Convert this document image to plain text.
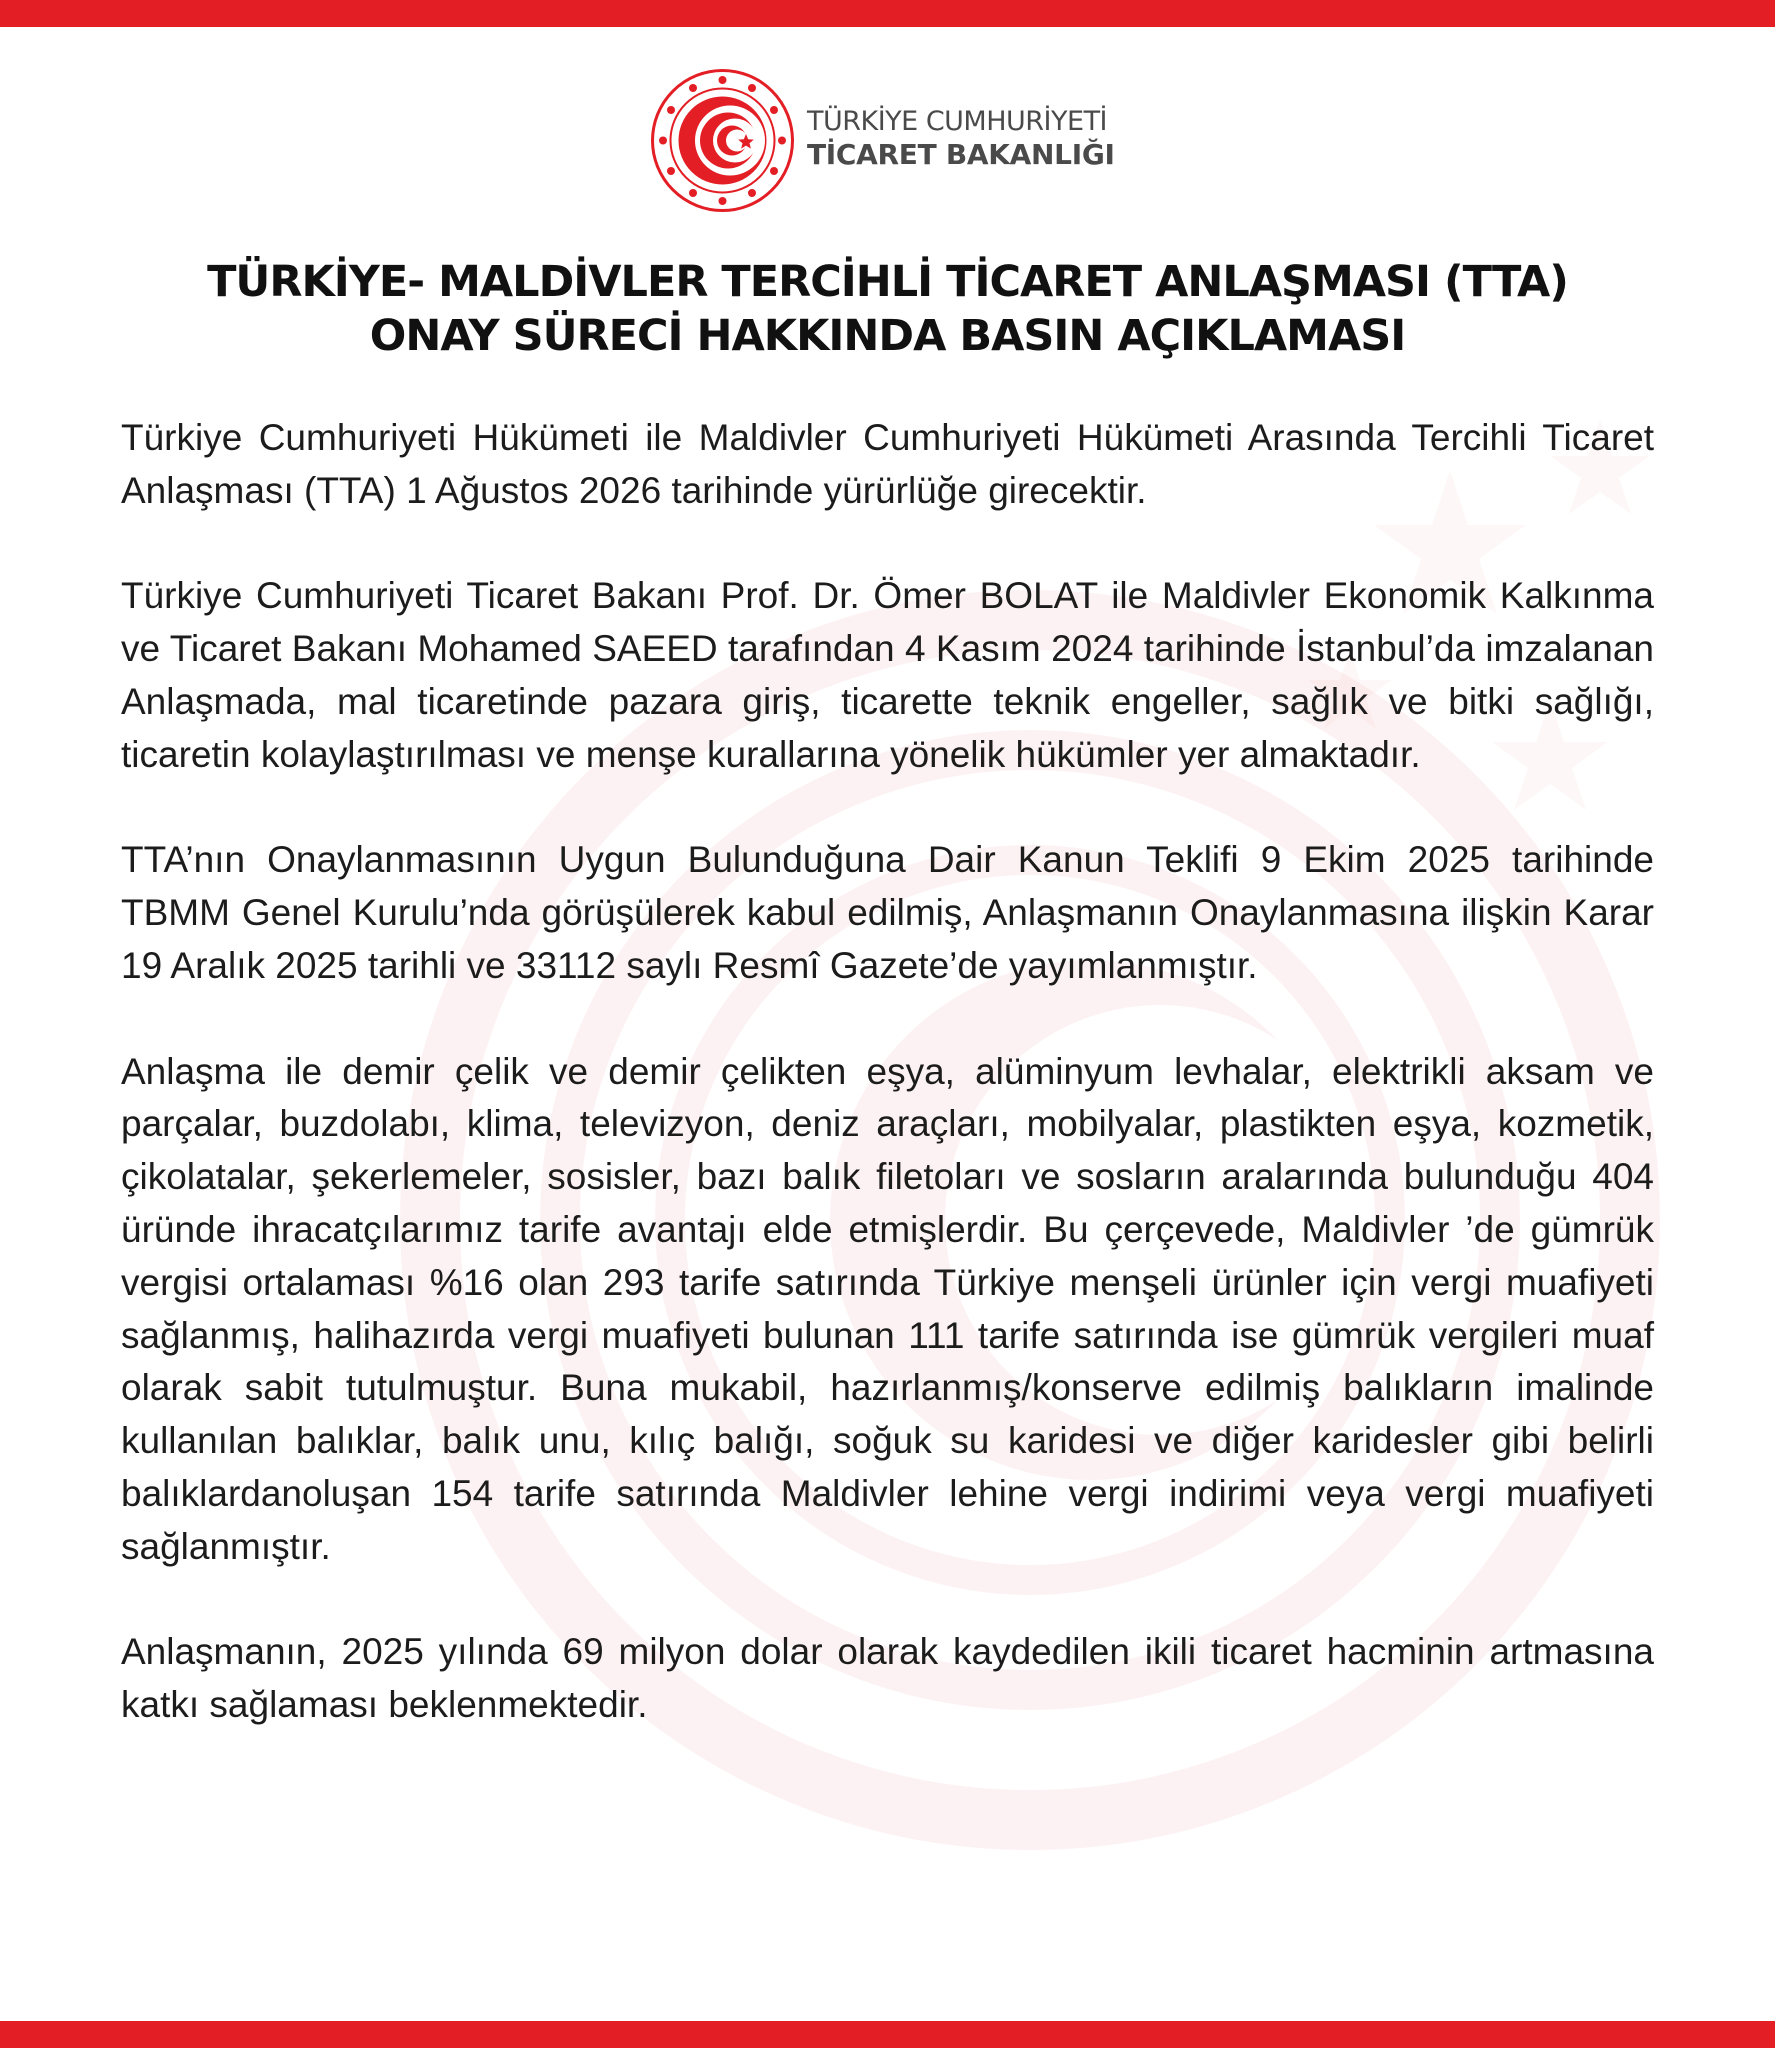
TÜRKİYE CUMHURİYETİ
TİCARET BAKANLIĞI
TÜRKİYE- MALDİVLER TERCİHLİ TİCARET ANLAŞMASI (TTA)
ONAY SÜRECİ HAKKINDA BASIN AÇIKLAMASI

Türkiye Cumhuriyeti Hükümeti ile Maldivler Cumhuriyeti Hükümeti Arasında Tercihli Ticaret Anlaşması (TTA) 1 Ağustos 2026 tarihinde yürürlüğe girecektir.

Türkiye Cumhuriyeti Ticaret Bakanı Prof. Dr. Ömer BOLAT ile Maldivler Ekonomik Kalkınma ve Ticaret Bakanı Mohamed SAEED tarafından 4 Kasım 2024 tarihinde İstanbul’da imzalanan Anlaşmada, mal ticaretinde pazara giriş, ticarette teknik engeller, sağlık ve bitki sağlığı, ticaretin kolaylaştırılması ve menşe kurallarına yönelik hükümler yer almaktadır.

TTA’nın Onaylanmasının Uygun Bulunduğuna Dair Kanun Teklifi 9 Ekim 2025 tarihinde TBMM Genel Kurulu’nda görüşülerek kabul edilmiş, Anlaşmanın Onaylanmasına ilişkin Karar 19 Aralık 2025 tarihli ve 33112 saylı Resmî Gazete’de yayımlanmıştır.

Anlaşma ile demir çelik ve demir çelikten eşya, alüminyum levhalar, elektrikli aksam ve parçalar, buzdolabı, klima, televizyon, deniz araçları, mobilyalar, plastikten eşya, kozmetik, çikolatalar, şekerlemeler, sosisler, bazı balık filetoları ve sosların aralarında bulunduğu 404 üründe ihracatçılarımız tarife avantajı elde etmişlerdir. Bu çerçevede, Maldivler ’de gümrük vergisi ortalaması %16 olan 293 tarife satırında Türkiye menşeli ürünler için vergi muafiyeti sağlanmış, halihazırda vergi muafiyeti bulunan 111 tarife satırında ise gümrük vergileri muaf olarak sabit tutulmuştur. Buna mukabil, hazırlanmış/konserve edilmiş balıkların imalinde kullanılan balıklar, balık unu, kılıç balığı, soğuk su karidesi ve diğer karidesler gibi belirli balıklardanoluşan 154 tarife satırında Maldivler lehine vergi indirimi veya vergi muafiyeti sağlanmıştır.

Anlaşmanın, 2025 yılında 69 milyon dolar olarak kaydedilen ikili ticaret hacminin artmasına katkı sağlaması beklenmektedir.
